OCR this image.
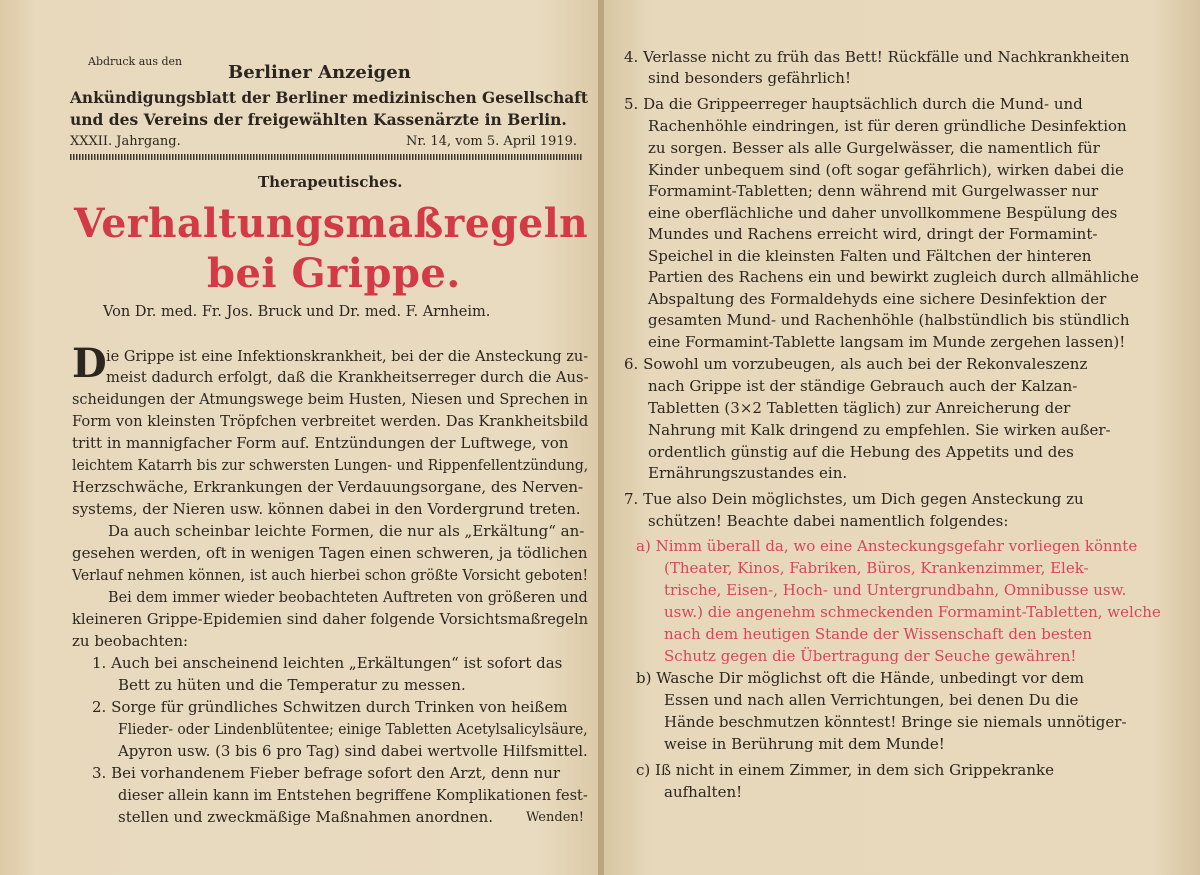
Abdruck aus den
Berliner Anzeigen
Ankündigungsblatt der Berliner medizinischen Gesellschaft
und des Vereins der freigewählten Kassenärzte in Berlin.
XXXII. Jahrgang.	Nr. 14, vom 5. April 1919.
Therapeutisches.
Verhaltungsmaßregeln
bei Grippe.
Von Dr. med. Fr. Jos. Bruck und Dr. med. F. Arnheim.
D ie Grippe ist eine Infektionskrankheit, bei der die Ansteckung zu-
meist dadurch erfolgt, daß die Krankheitserreger durch die Aus-
scheidungen der Atmungswege beim Husten, Niesen und Sprechen in
Form von kleinsten Tröpfchen verbreitet werden. Das Krankheitsbild
tritt in mannigfacher Form auf. Entzündungen der Luftwege, von
leichtem Katarrh bis zur schwersten Lungen- und Rippenfellentzündung,
Herzschwäche, Erkrankungen der Verdauungsorgane, des Nerven-
systems, der Nieren usw. können dabei in den Vordergrund treten.
Da auch scheinbar leichte Formen, die nur als „Erkältung“ an-
gesehen werden, oft in wenigen Tagen einen schweren, ja tödlichen
Verlauf nehmen können, ist auch hierbei schon größte Vorsicht geboten!
Bei dem immer wieder beobachteten Auftreten von größeren und
kleineren Grippe-Epidemien sind daher folgende Vorsichtsmaßregeln
zu beobachten:
1. Auch bei anscheinend leichten „Erkältungen“ ist sofort das
Bett zu hüten und die Temperatur zu messen.
2. Sorge für gründliches Schwitzen durch Trinken von heißem
Flieder- oder Lindenblütentee; einige Tabletten Acetylsalicylsäure,
Apyron usw. (3 bis 6 pro Tag) sind dabei wertvolle Hilfsmittel.
3. Bei vorhandenem Fieber befrage sofort den Arzt, denn nur
dieser allein kann im Entstehen begriffene Komplikationen fest-
stellen und zweckmäßige Maßnahmen anordnen.	Wenden!
4. Verlasse nicht zu früh das Bett! Rückfälle und Nachkrankheiten
sind besonders gefährlich!
5. Da die Grippeerreger hauptsächlich durch die Mund- und
Rachenhöhle eindringen, ist für deren gründliche Desinfektion
zu sorgen. Besser als alle Gurgelwässer, die namentlich für
Kinder unbequem sind (oft sogar gefährlich), wirken dabei die
Formamint-Tabletten; denn während mit Gurgelwasser nur
eine oberflächliche und daher unvollkommene Bespülung des
Mundes und Rachens erreicht wird, dringt der Formamint-
Speichel in die kleinsten Falten und Fältchen der hinteren
Partien des Rachens ein und bewirkt zugleich durch allmähliche
Abspaltung des Formaldehyds eine sichere Desinfektion der
gesamten Mund- und Rachenhöhle (halbstündlich bis stündlich
eine Formamint-Tablette langsam im Munde zergehen lassen)!
6. Sowohl um vorzubeugen, als auch bei der Rekonvaleszenz
nach Grippe ist der ständige Gebrauch auch der Kalzan-
Tabletten (3×2 Tabletten täglich) zur Anreicherung der
Nahrung mit Kalk dringend zu empfehlen. Sie wirken außer-
ordentlich günstig auf die Hebung des Appetits und des
Ernährungszustandes ein.
7. Tue also Dein möglichstes, um Dich gegen Ansteckung zu
schützen! Beachte dabei namentlich folgendes:
a) Nimm überall da, wo eine Ansteckungsgefahr vorliegen könnte
(Theater, Kinos, Fabriken, Büros, Krankenzimmer, Elek-
trische, Eisen-, Hoch- und Untergrundbahn, Omnibusse usw.
usw.) die angenehm schmeckenden Formamint-Tabletten, welche
nach dem heutigen Stande der Wissenschaft den besten
Schutz gegen die Übertragung der Seuche gewähren!
b) Wasche Dir möglichst oft die Hände, unbedingt vor dem
Essen und nach allen Verrichtungen, bei denen Du die
Hände beschmutzen könntest! Bringe sie niemals unnötiger-
weise in Berührung mit dem Munde!
c) Iß nicht in einem Zimmer, in dem sich Grippekranke
aufhalten!
